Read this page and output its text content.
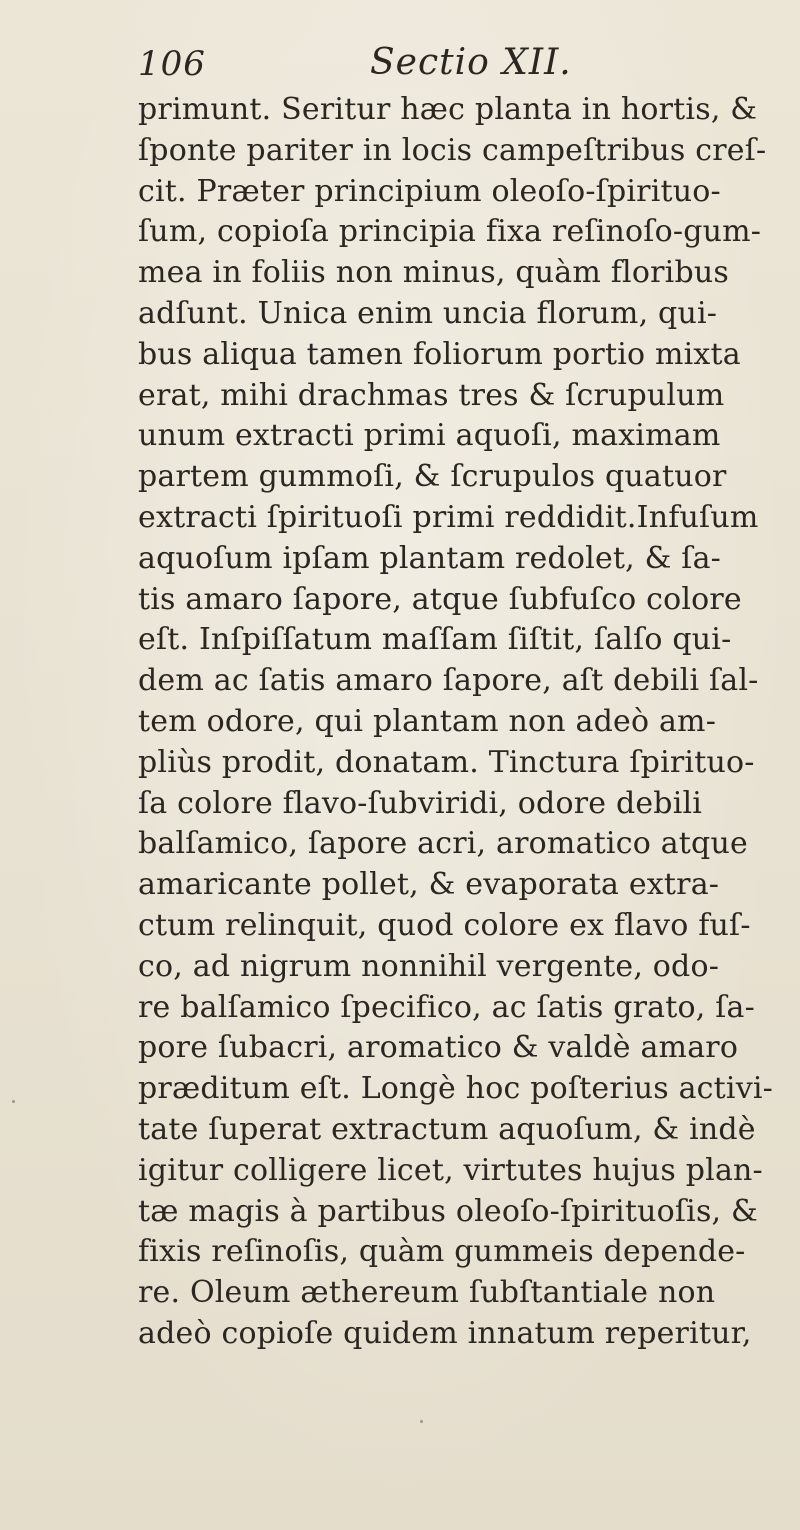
106	Sectio XII.
primunt. Seritur hæc planta in hortis, &
ſponte pariter in locis campeſtribus creſ-
cit. Præter principium oleoſo-ſpirituo-
ſum, copioſa principia fixa reſinoſo-gum-
mea in foliis non minus, quàm floribus
adſunt. Unica enim uncia florum, qui-
bus aliqua tamen foliorum portio mixta
erat, mihi drachmas tres & ſcrupulum
unum extracti primi aquoſi, maximam
partem gummoſi, & ſcrupulos quatuor
extracti ſpirituoſi primi reddidit.Infuſum
aquoſum ipſam plantam redolet, & ſa-
tis amaro ſapore, atque ſubfuſco colore
eſt. Inſpiſſatum maſſam ſiſtit, ſalſo qui-
dem ac ſatis amaro ſapore, aſt debili ſal-
tem odore, qui plantam non adeò am-
pliùs prodit, donatam. Tinctura ſpirituo-
ſa colore flavo-ſubviridi, odore debili
balſamico, ſapore acri, aromatico atque
amaricante pollet, & evaporata extra-
ctum relinquit, quod colore ex flavo fuſ-
co, ad nigrum nonnihil vergente, odo-
re balſamico ſpecifico, ac ſatis grato, ſa-
pore ſubacri, aromatico & valdè amaro
præditum eſt. Longè hoc poſterius activi-
tate ſuperat extractum aquoſum, & indè
igitur colligere licet, virtutes hujus plan-
tæ magis à partibus oleoſo-ſpirituoſis, &
fixis reſinoſis, quàm gummeis depende-
re. Oleum æthereum ſubſtantiale non
adeò copioſe quidem innatum reperitur,
